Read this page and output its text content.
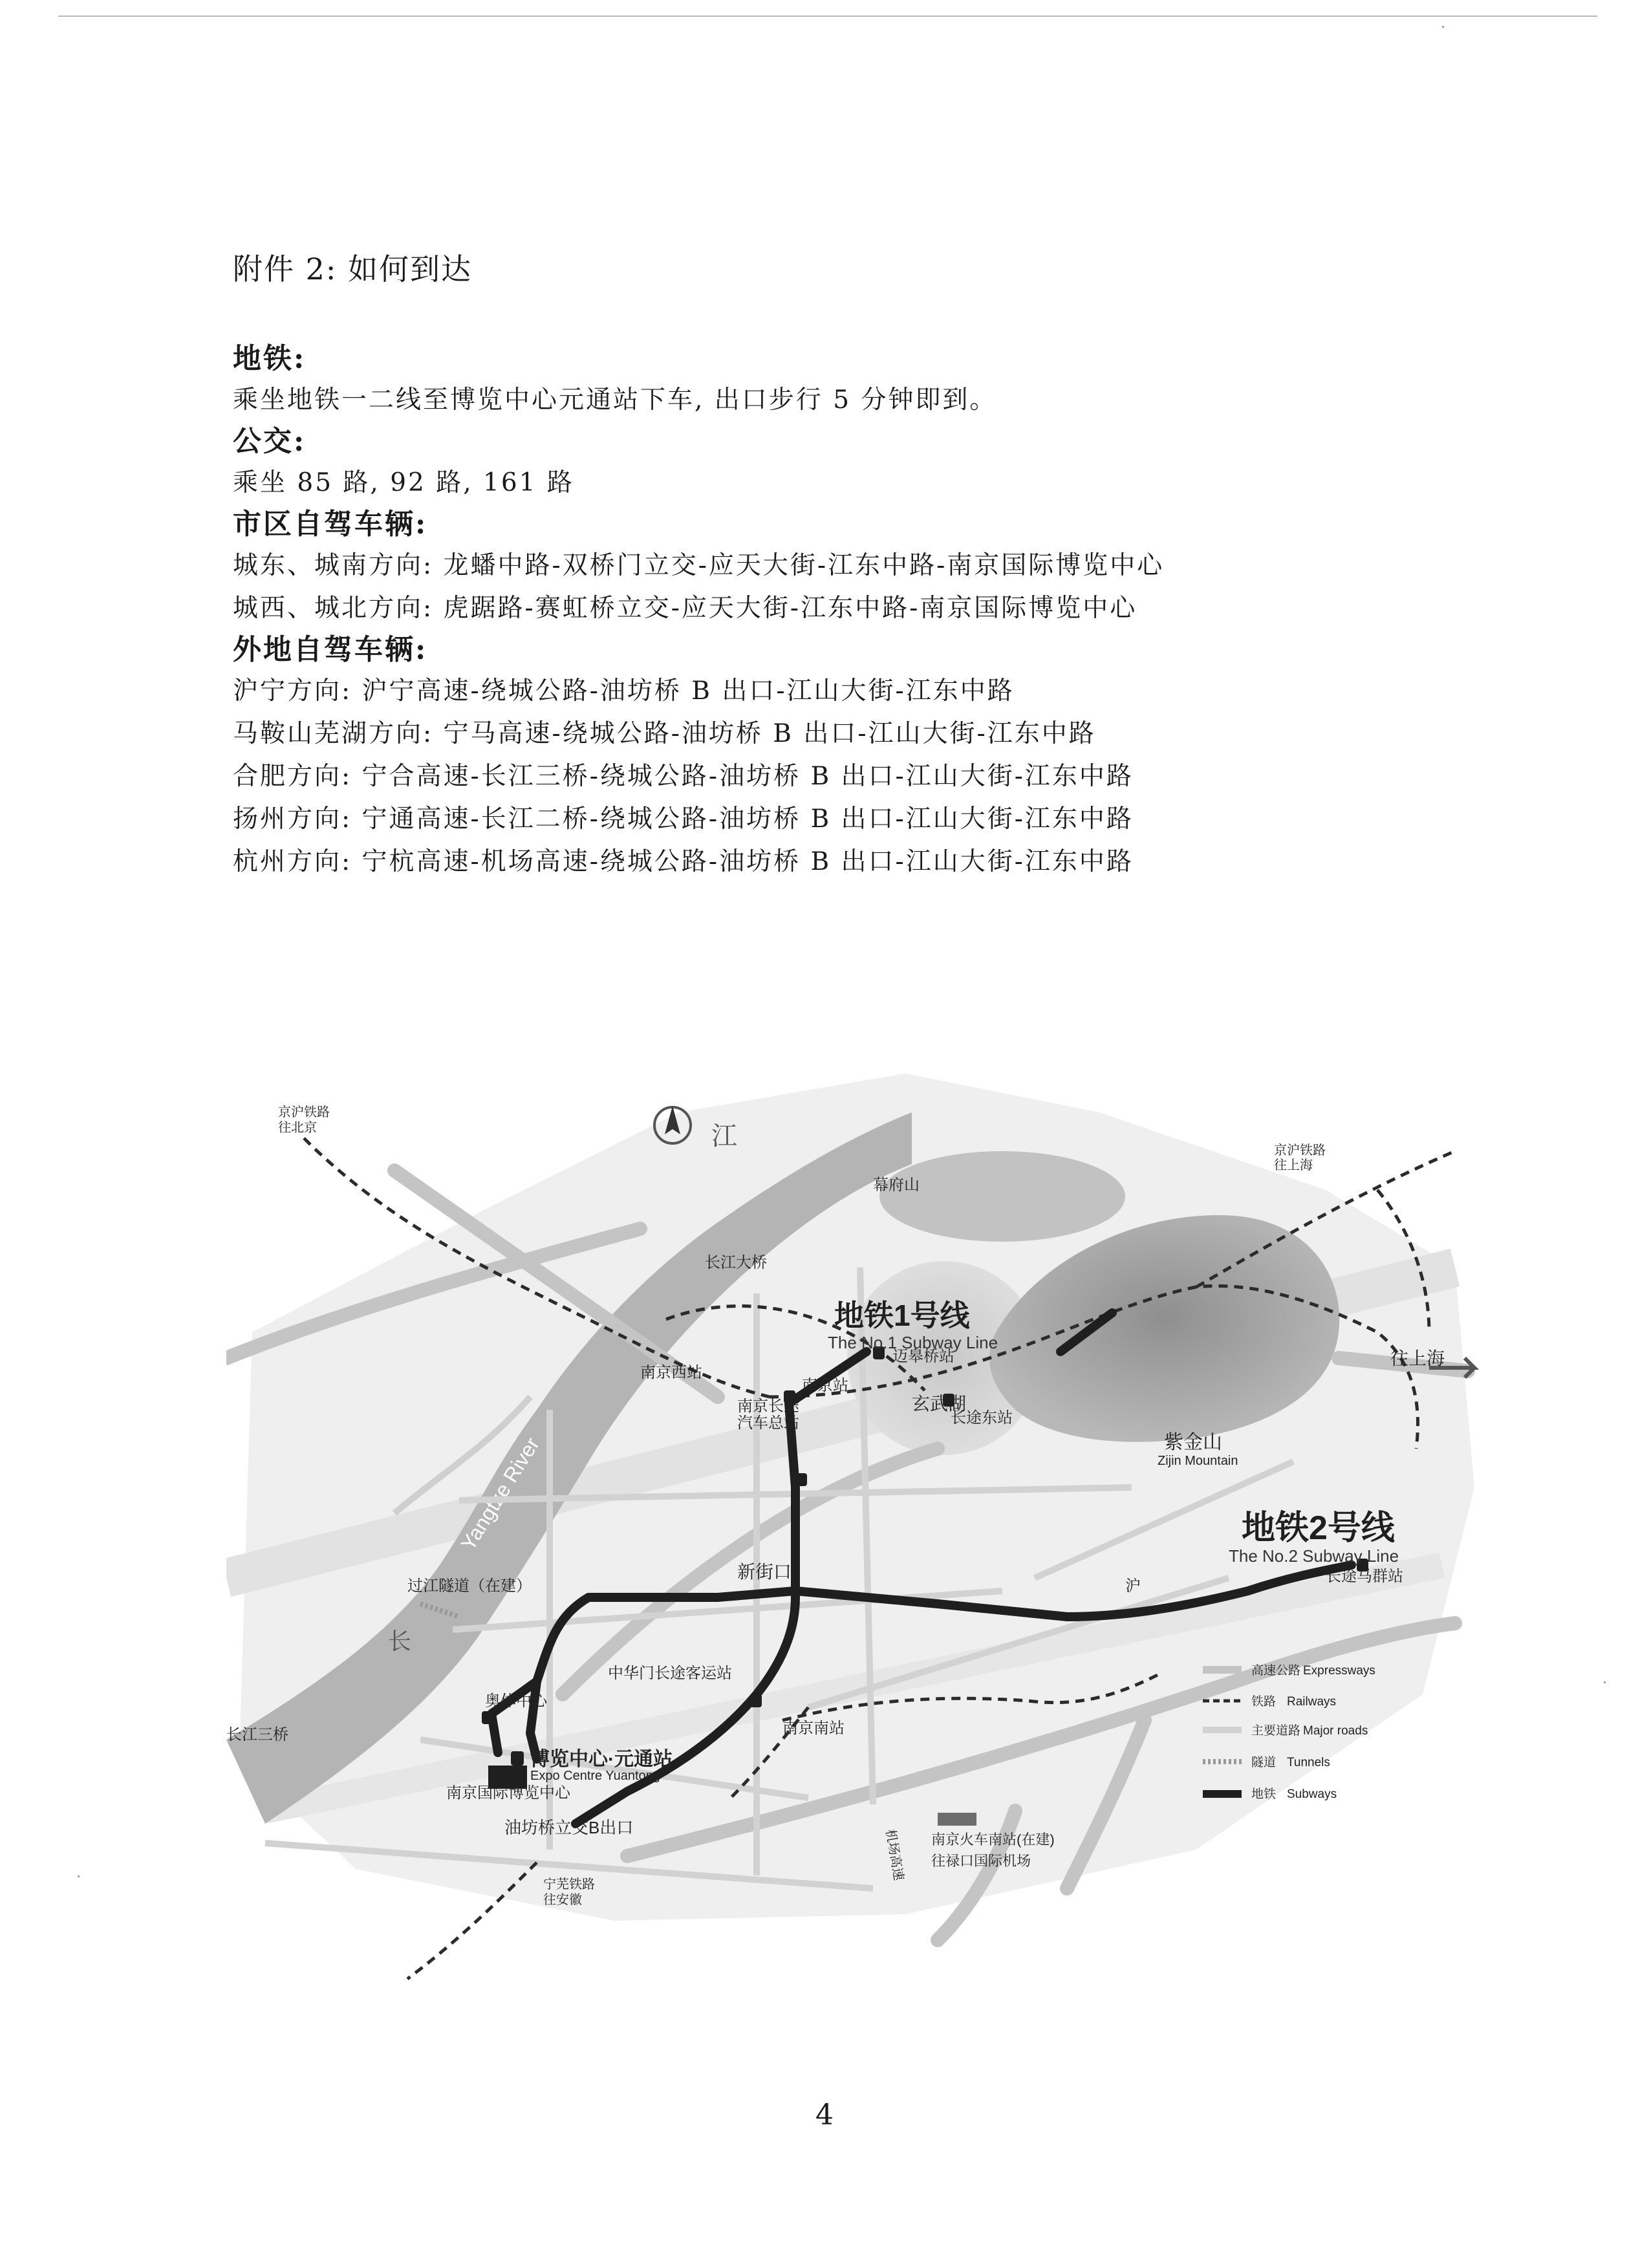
附件 2: 如何到达
地铁:
乘坐地铁一二线至博览中心元通站下车, 出口步行 5 分钟即到。
公交:
乘坐 85 路, 92 路, 161 路
市区自驾车辆:
城东、城南方向: 龙蟠中路-双桥门立交-应天大街-江东中路-南京国际博览中心
城西、城北方向: 虎踞路-赛虹桥立交-应天大街-江东中路-南京国际博览中心
外地自驾车辆:
沪宁方向: 沪宁高速-绕城公路-油坊桥 B 出口-江山大街-江东中路
马鞍山芜湖方向: 宁马高速-绕城公路-油坊桥 B 出口-江山大街-江东中路
合肥方向: 宁合高速-长江三桥-绕城公路-油坊桥 B 出口-江山大街-江东中路
扬州方向: 宁通高速-长江二桥-绕城公路-油坊桥 B 出口-江山大街-江东中路
杭州方向: 宁杭高速-机场高速-绕城公路-油坊桥 B 出口-江山大街-江东中路
Yangtze River
江
长
地铁1号线
The No.1 Subway Line
地铁2号线
The No.2 Subway Line
迈皋桥站
南京站
南京西站
南京长途
汽车总站
玄武湖
长江大桥
幕府山
紫金山
Zijin Mountain
新街口
中华门长途客运站
南京南站
奥体中心
博览中心·元通站
Expo Centre Yuantong
南京国际博览中心
油坊桥立交B出口
过江隧道（在建）
长江三桥
长途东站
长途马群站
往上海
京沪铁路
往上海
往北京
京沪铁路
沪
南京火车南站(在建)
往禄口国际机场
机场高速
宁芜铁路
往安徽
高速公路 Expressways
铁路 Railways
主要道路 Major roads
隧道 Tunnels
地铁 Subways
4
